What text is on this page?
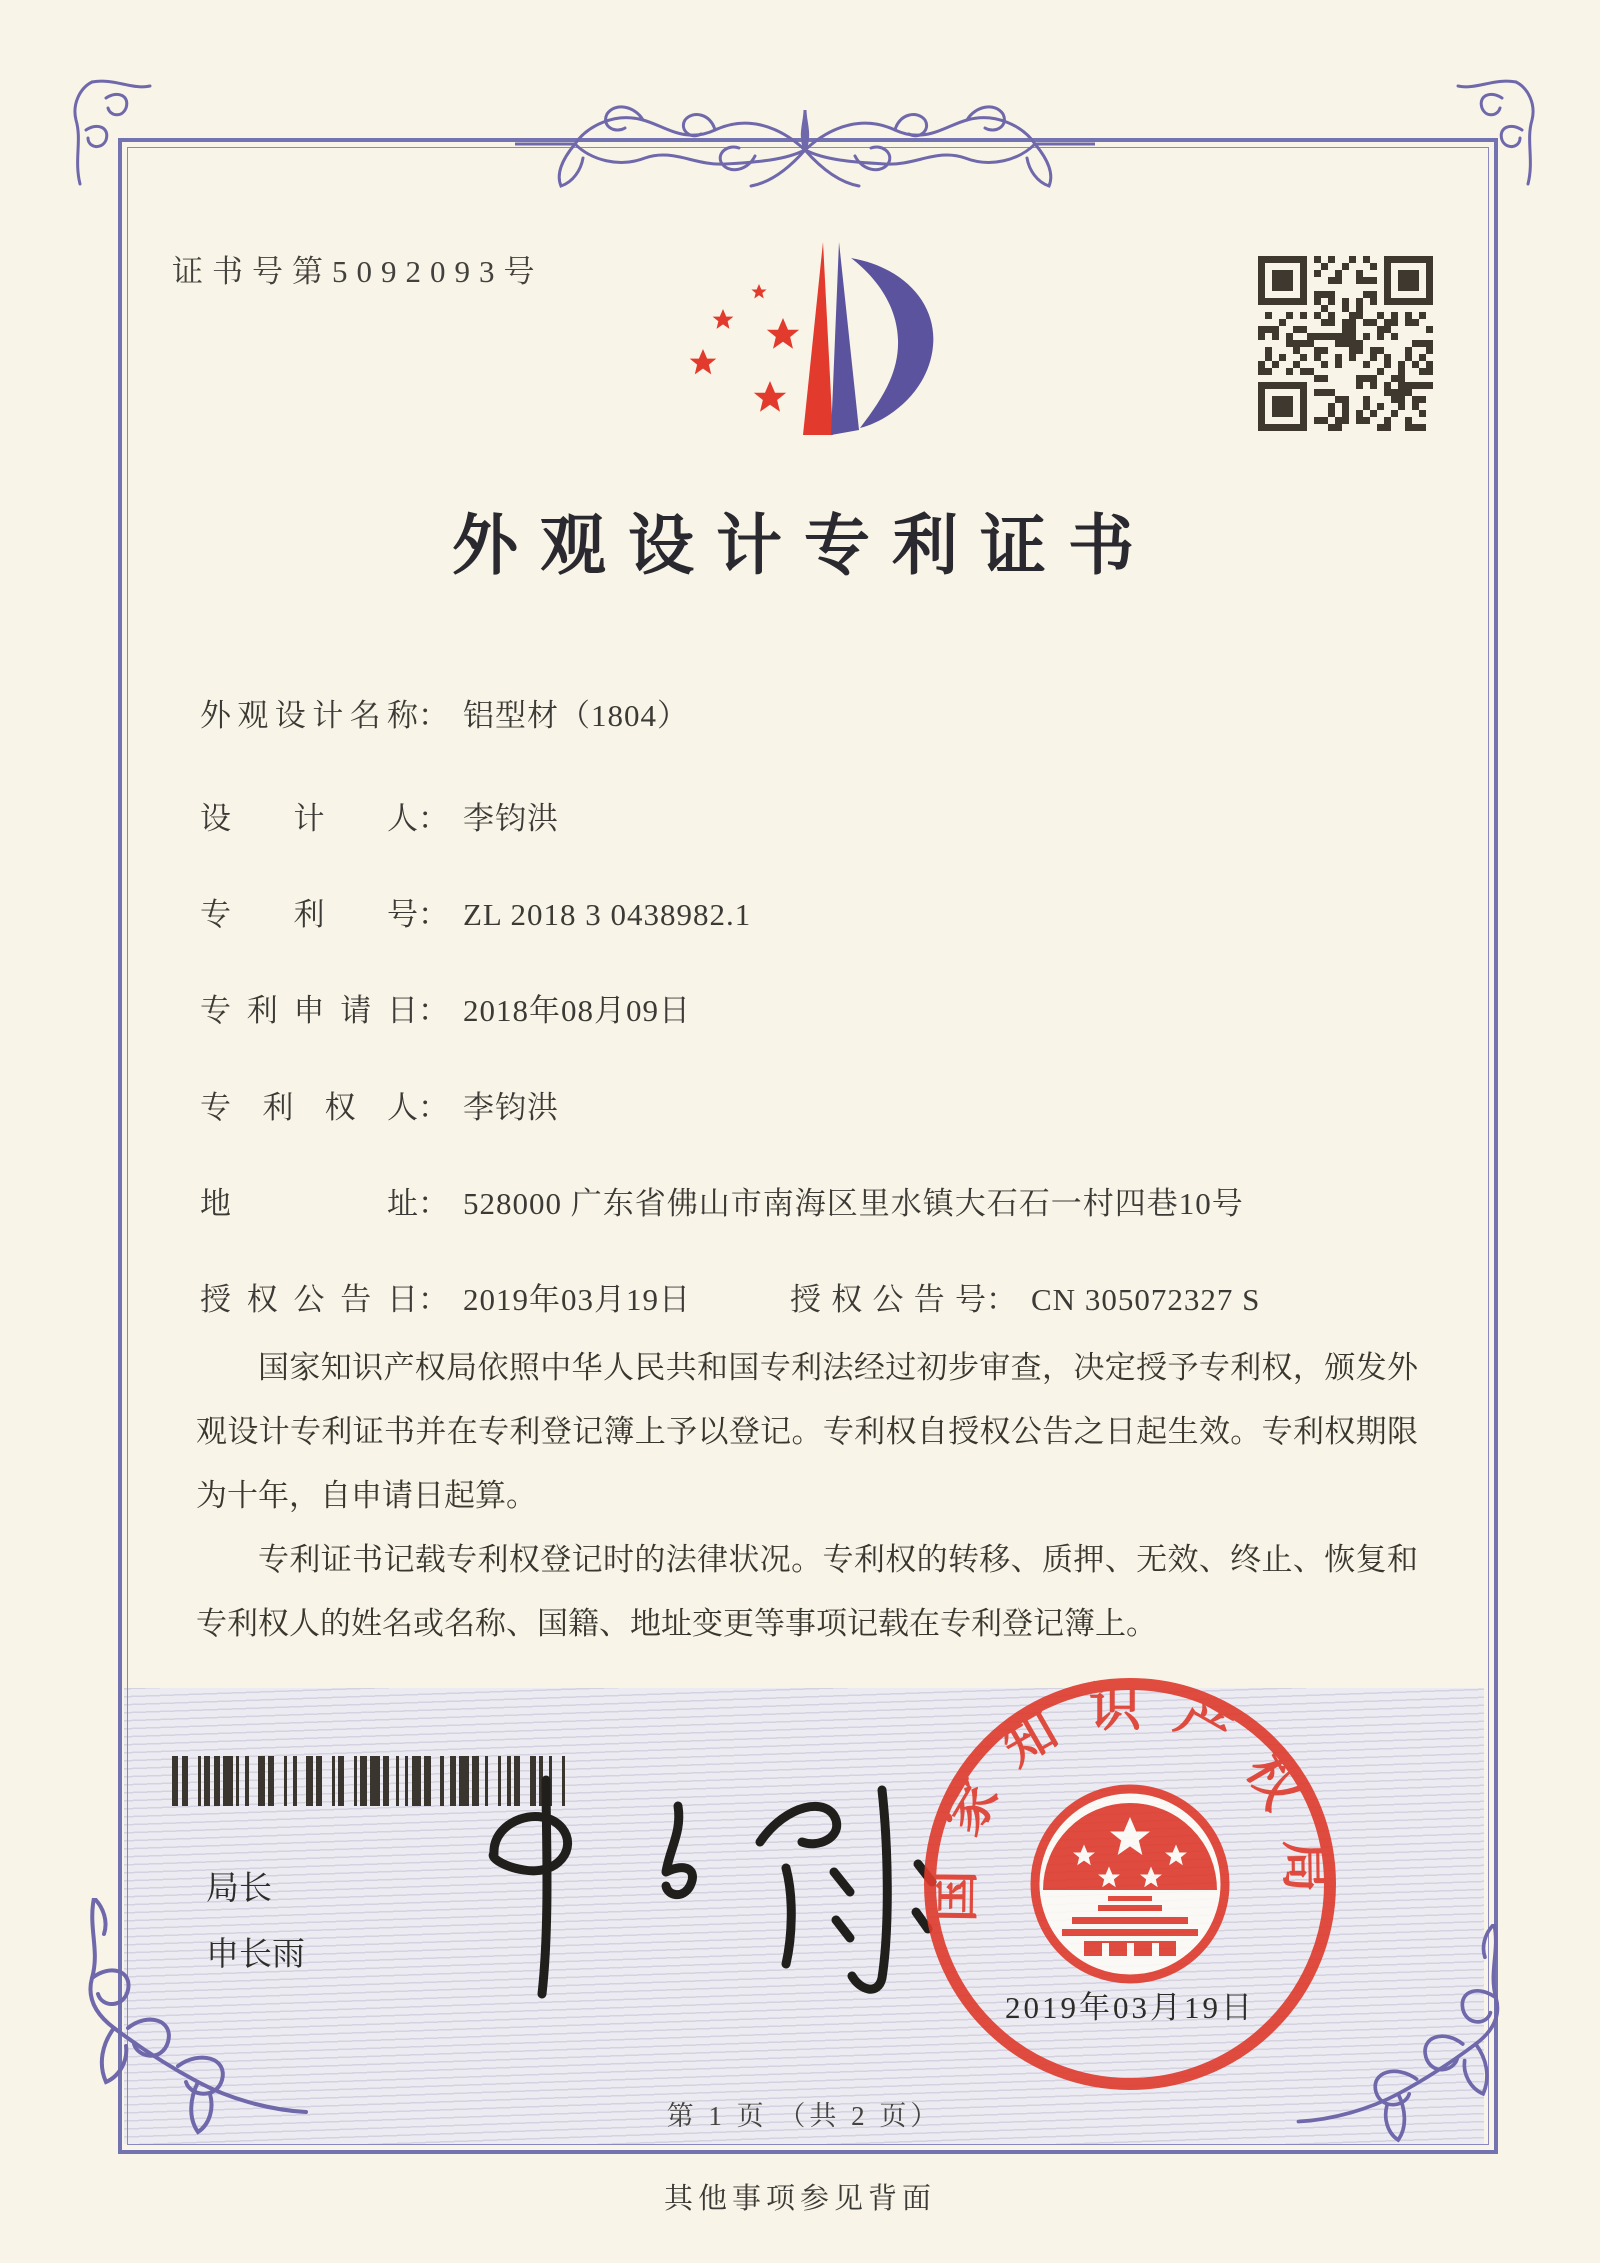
证书号第5092093号
外观设计专利证书
外观设计名称： 铝型材（1804）
设计人： 李钧洪
专利号： ZL 2018 3 0438982.1
专利申请日： 2018年08月09日
专利权人： 李钧洪
地址： 528000 广东省佛山市南海区里水镇大石石一村四巷10号
授权公告日： 2019年03月19日	授权公告号： CN 305072327 S

国家知识产权局依照中华人民共和国专利法经过初步审查，决定授予专利权，颁发外观设计专利证书并在专利登记簿上予以登记。专利权自授权公告之日起生效。专利权期限为十年，自申请日起算。

专利证书记载专利权登记时的法律状况。专利权的转移、质押、无效、终止、恢复和专利权人的姓名或名称、国籍、地址变更等事项记载在专利登记簿上。

局长
申长雨
国家知识产权局
2019年03月19日
第 1 页 （共 2 页）
其他事项参见背面
